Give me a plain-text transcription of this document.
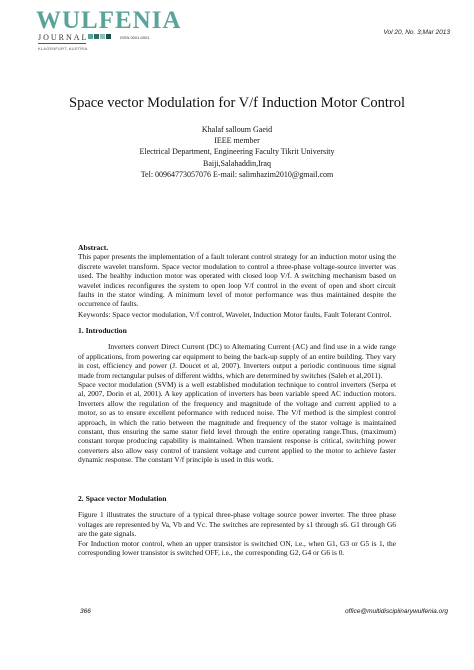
WULFENIA
JOURNAL
KLAGENFURT, AUSTRIA
ISSN 0001-0001
Vol 20, No. 3;Mar 2013
Space vector Modulation for V/f Induction Motor Control
Khalaf salloum Gaeid
IEEE member
Electrical Department, Engineering Faculty Tikrit University
Baiji,Salahaddin,Iraq
Tel: 00964773057076 E-mail: salimhazim2010@gmail.com
Abstract.

This paper presents the implementation of a fault tolerant control strategy for an induction motor using the discrete wavelet transform. Space vector modulation to control a three-phase voltage-source inverter was used. The healthy induction motor was operated with closed loop V/f. A switching mechanism based on wavelet indices reconfigures the system to open loop V/f control in the event of open and short circuit faults in the stator winding. A minimum level of motor performance was thus maintained despite the occurrence of faults.

Keywords: Space vector modulation, V/f control, Wavelet, Induction Motor faults, Fault Tolerant Control.

1. Introduction

Inverters convert Direct Current (DC) to Alternating Current (AC) and find use in a wide range of applications, from powering car equipment to being the back-up supply of an entire building. They vary in cost, efficiency and power (J. Doucet et al, 2007). Inverters output a periodic continuous time signal made from rectangular pulses of different widths, which are determined by switches (Saleh et al,2011).

Space vector modulation (SVM) is a well established modulation technique to control inverters (Serpa et al, 2007, Dorin et al, 2001). A key application of inverters has been variable speed AC induction motors. Inverters allow the regulation of the frequency and magnitude of the voltage and current applied to a motor, so as to ensure excellent peformance with reduced noise. The V/f method is the simplest control approach, in which the ratio between the magnitude and frequency of the stator voltage is maintained constant, thus ensuring the same stator field level through the entire operating range.Thus, (maximum) constant torque producing capability is maintained. When transient response is critical, switching power converters also allow easy control of transient voltage and current applied to the motor to achieve faster dynamic response. The constant V/f principle is used in this work.

2. Space vector Modulation

Figure 1 illustrates the structure of a typical three-phase voltage source power inverter. The three phase voltages are represented by Va, Vb and Vc. The switches are represented by s1 through s6. G1 through G6 are the gate signals.

For Induction motor control, when an upper transistor is switched ON, i.e., when G1, G3 or G5 is 1, the corresponding lower transistor is switched OFF, i.e., the corresponding G2, G4 or G6 is 0.

366	office@multidisciplinarywulfenia.org
